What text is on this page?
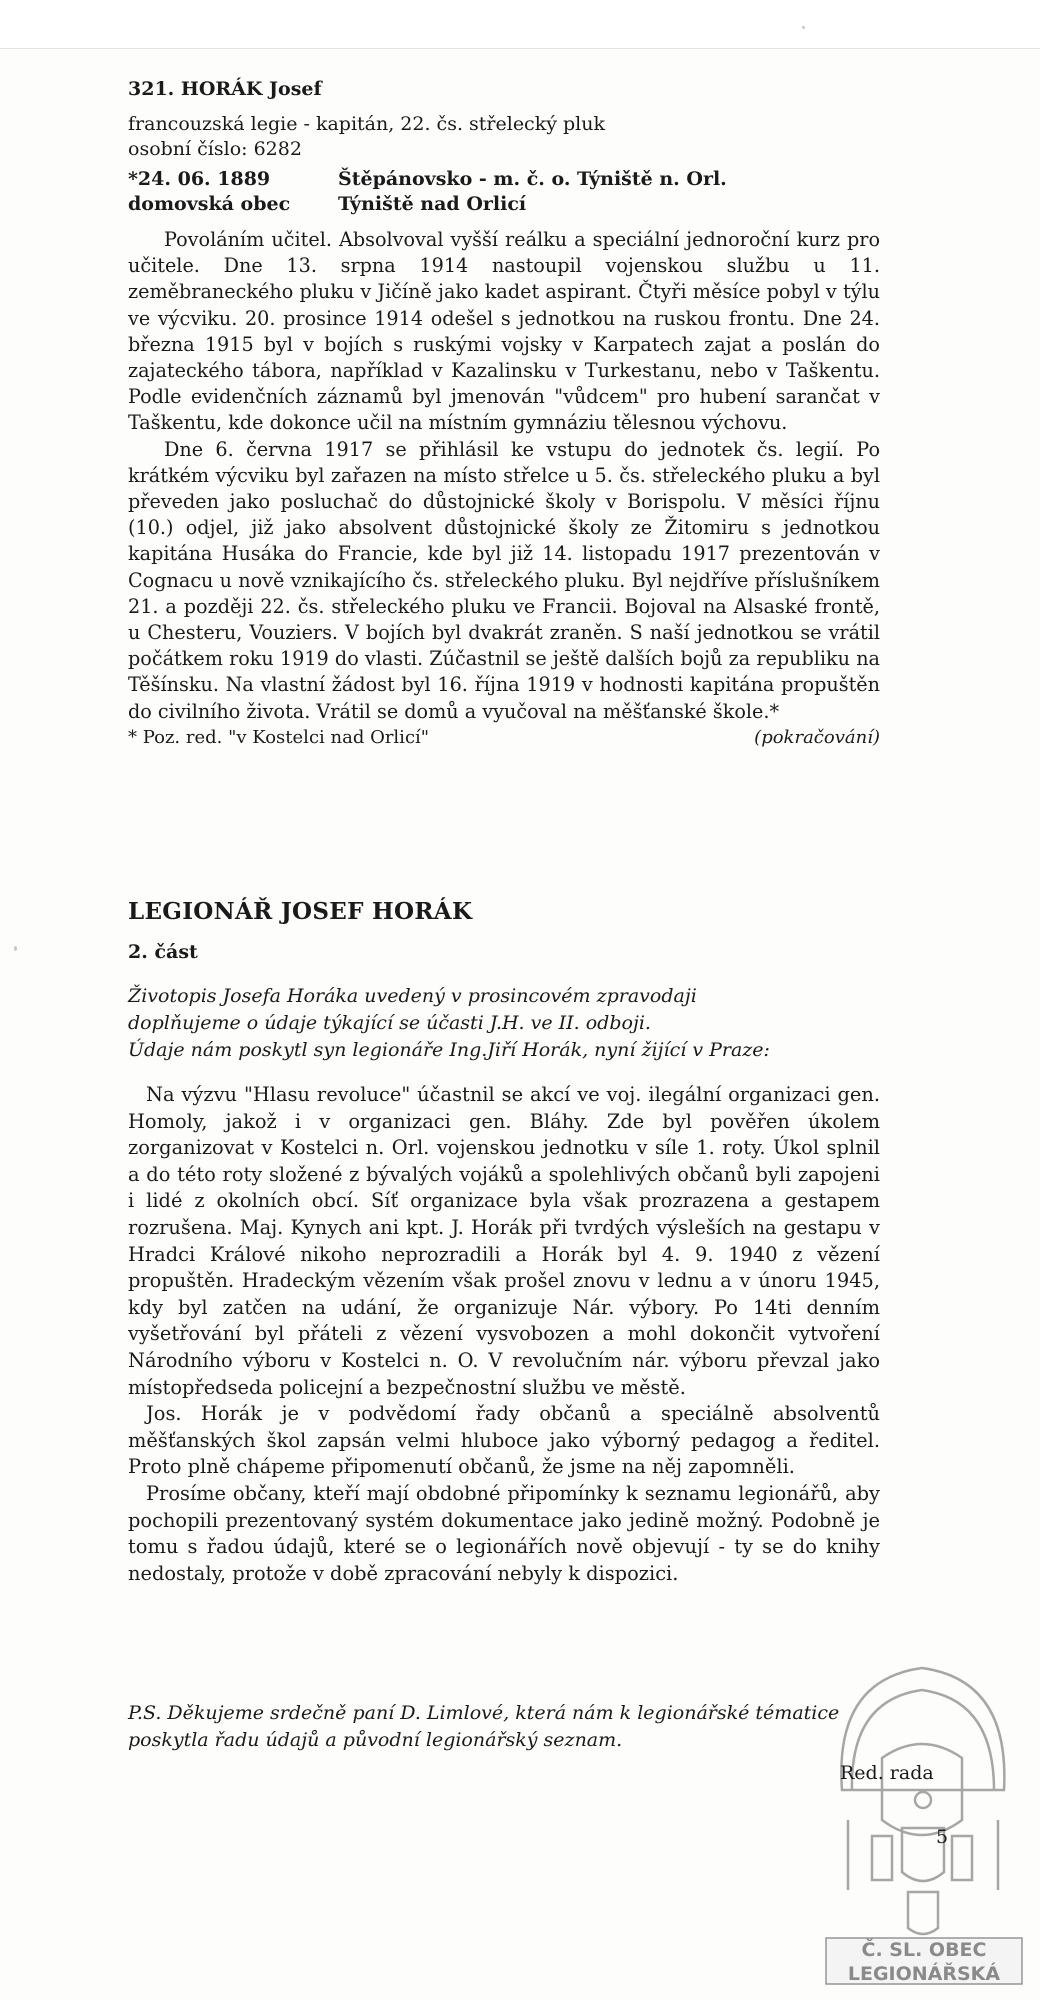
321. HORÁK Josef
francouzská legie - kapitán, 22. čs. střelecký pluk
osobní číslo: 6282
*24. 06. 1889	Štěpánovsko - m. č. o. Týniště n. Orl.
domovská obec	Týniště nad Orlicí

Povoláním učitel. Absolvoval vyšší reálku a speciální jednoroční kurz pro učitele. Dne 13. srpna 1914 nastoupil vojenskou službu u 11. zeměbraneckého pluku v Jičíně jako kadet aspirant. Čtyři měsíce pobyl v týlu ve výcviku. 20. prosince 1914 odešel s jednotkou na ruskou frontu. Dne 24. března 1915 byl v bojích s ruskými vojsky v Karpatech zajat a poslán do zajateckého tábora, například v Kazalinsku v Turkestanu, nebo v Taškentu. Podle evidenčních záznamů byl jmenován "vůdcem" pro hubení sarančat v Taškentu, kde dokonce učil na místním gymnáziu tělesnou výchovu.

Dne 6. června 1917 se přihlásil ke vstupu do jednotek čs. legií. Po krátkém výcviku byl zařazen na místo střelce u 5. čs. střeleckého pluku a byl převeden jako posluchač do důstojnické školy v Borispolu. V měsíci říjnu (10.) odjel, již jako absolvent důstojnické školy ze Žitomiru s jednotkou kapitána Husáka do Francie, kde byl již 14. listopadu 1917 prezentován v Cognacu u nově vznikajícího čs. střeleckého pluku. Byl nejdříve příslušníkem 21. a později 22. čs. střeleckého pluku ve Francii. Bojoval na Alsaské frontě, u Chesteru, Vouziers. V bojích byl dvakrát zraněn. S naší jednotkou se vrátil počátkem roku 1919 do vlasti. Zúčastnil se ještě dalších bojů za republiku na Těšínsku. Na vlastní žádost byl 16. října 1919 v hodnosti kapitána propuštěn do civilního života. Vrátil se domů a vyučoval na měšťanské škole.*

* Poz. red. "v Kostelci nad Orlicí"	(pokračování)
LEGIONÁŘ JOSEF HORÁK
2. část
Životopis Josefa Horáka uvedený v prosincovém zpravodaji
doplňujeme o údaje týkající se účasti J.H. ve II. odboji.
Údaje nám poskytl syn legionáře Ing.Jiří Horák, nyní žijící v Praze:

Na výzvu "Hlasu revoluce" účastnil se akcí ve voj. ilegální organizaci gen. Homoly, jakož i v organizaci gen. Bláhy. Zde byl pověřen úkolem zorganizovat v Kostelci n. Orl. vojenskou jednotku v síle 1. roty. Úkol splnil a do této roty složené z bývalých vojáků a spolehlivých občanů byli zapojeni i lidé z okolních obcí. Síť organizace byla však prozrazena a gestapem rozrušena. Maj. Kynych ani kpt. J. Horák při tvrdých výsleších na gestapu v Hradci Králové nikoho neprozradili a Horák byl 4. 9. 1940 z vězení propuštěn. Hradeckým vězením však prošel znovu v lednu a v únoru 1945, kdy byl zatčen na udání, že organizuje Nár. výbory. Po 14ti denním vyšetřování byl přáteli z vězení vysvobozen a mohl dokončit vytvoření Národního výboru v Kostelci n. O. V revolučním nár. výboru převzal jako místopředseda policejní a bezpečnostní službu ve městě.

Jos. Horák je v podvědomí řady občanů a speciálně absolventů měšťanských škol zapsán velmi hluboce jako výborný pedagog a ředitel. Proto plně chápeme připomenutí občanů, že jsme na něj zapomněli.

Prosíme občany, kteří mají obdobné připomínky k seznamu legionářů, aby pochopili prezentovaný systém dokumentace jako jedině možný. Podobně je tomu s řadou údajů, které se o legionářích nově objevují - ty se do knihy nedostaly, protože v době zpracování nebyly k dispozici.

P.S. Děkujeme srdečně paní D. Limlové, která nám k legionářské tématice
poskytla řadu údajů a původní legionářský seznam.
Č. SL. OBEC
LEGIONÁŘSKÁ
Red. rada
5
